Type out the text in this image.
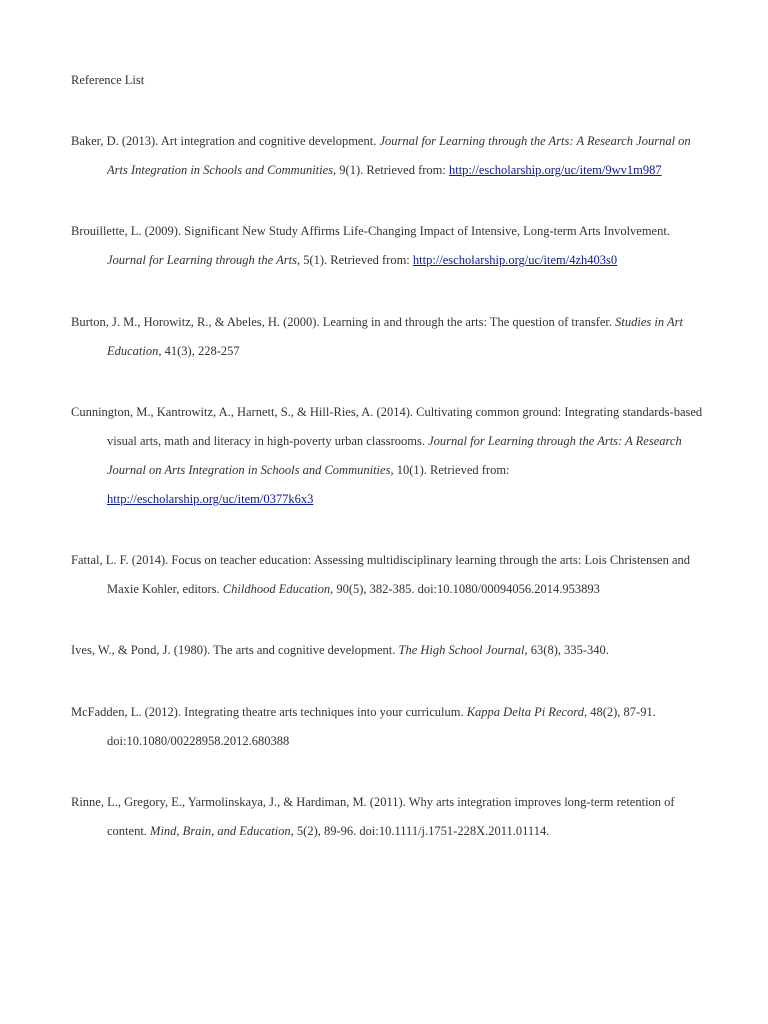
Reference List
Baker, D. (2013). Art integration and cognitive development. Journal for Learning through the Arts: A Research Journal on
Arts Integration in Schools and Communities, 9(1). Retrieved from: http://escholarship.org/uc/item/9wv1m987
Brouillette, L. (2009). Significant New Study Affirms Life-Changing Impact of Intensive, Long-term Arts Involvement.
Journal for Learning through the Arts, 5(1). Retrieved from: http://escholarship.org/uc/item/4zh403s0
Burton, J. M., Horowitz, R., & Abeles, H. (2000). Learning in and through the arts: The question of transfer. Studies in Art
Education, 41(3), 228-257
Cunnington, M., Kantrowitz, A., Harnett, S., & Hill-Ries, A. (2014). Cultivating common ground: Integrating standards-based
visual arts, math and literacy in high-poverty urban classrooms. Journal for Learning through the Arts: A Research
Journal on Arts Integration in Schools and Communities, 10(1). Retrieved from:
http://escholarship.org/uc/item/0377k6x3
Fattal, L. F. (2014). Focus on teacher education: Assessing multidisciplinary learning through the arts: Lois Christensen and
Maxie Kohler, editors. Childhood Education, 90(5), 382-385. doi:10.1080/00094056.2014.953893
Ives, W., & Pond, J. (1980). The arts and cognitive development. The High School Journal, 63(8), 335-340.
McFadden, L. (2012). Integrating theatre arts techniques into your curriculum. Kappa Delta Pi Record, 48(2), 87-91.
doi:10.1080/00228958.2012.680388
Rinne, L., Gregory, E., Yarmolinskaya, J., & Hardiman, M. (2011). Why arts integration improves long-term retention of
content. Mind, Brain, and Education, 5(2), 89-96. doi:10.1111/j.1751-228X.2011.01114.
